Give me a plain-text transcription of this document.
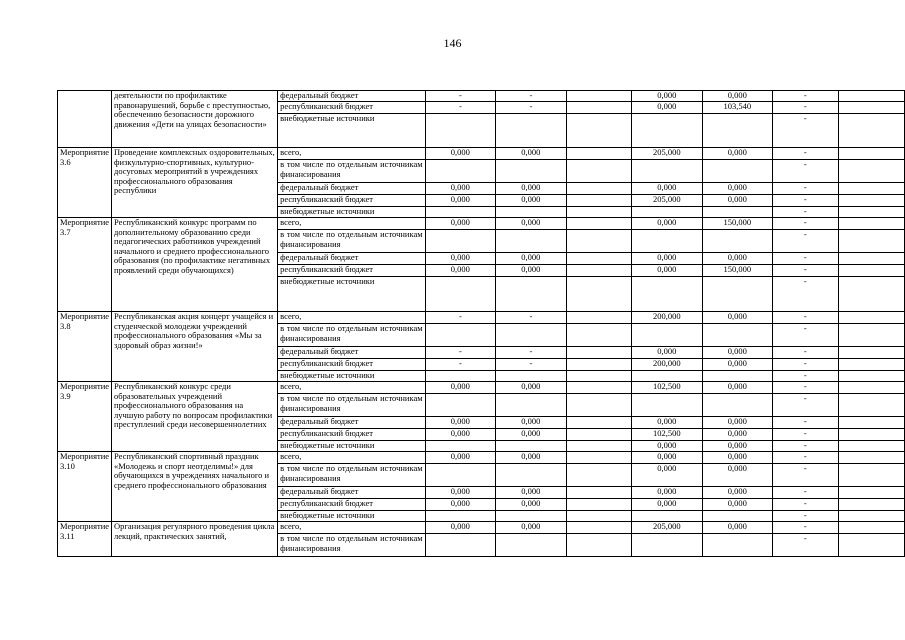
146
	деятельности по профилактике правонарушений, борьбе с преступностью, обеспечению безопасности дорожного движения «Дети на улицах безопасности»	федеральный бюджет	-	-		0,000	0,000	-	
		республиканский бюджет	-	-		0,000	103,540	-	
		внебюджетные источники						-	
Мероприятие 3.6	Проведение комплексных оздоровительных, физкультурно-спортивных, культурно-досуговых мероприятий в учреждениях профессионального образования республики	всего,	0,000	0,000		205,000	0,000	-	
		в том числе по отдельным источникам финансирования						-	
		федеральный бюджет	0,000	0,000		0,000	0,000	-	
		республиканский бюджет	0,000	0,000		205,000	0,000	-	
		внебюджетные источники						-	
Мероприятие 3.7	Республиканский конкурс программ по дополнительному образованию среди педагогических работников учреждений начального и среднего профессионального образования (по профилактике негативных проявлений среди обучающихся)	всего,	0,000	0,000		0,000	150,000	-	
		в том числе по отдельным источникам финансирования						-	
		федеральный бюджет	0,000	0,000		0,000	0,000	-	
		республиканский бюджет	0,000	0,000		0,000	150,000	-	
		внебюджетные источники						-	
Мероприятие 3.8	Республиканская акция концерт учащейся и студенческой молодежи учреждений профессионального образования «Мы за здоровый образ жизни!»	всего,	-	-		200,000	0,000	-	
		в том числе по отдельным источникам финансирования						-	
		федеральный бюджет	-	-		0,000	0,000	-	
		республиканский бюджет	-	-		200,000	0,000	-	
		внебюджетные источники						-	
Мероприятие 3.9	Республиканский конкурс среди образовательных учреждений профессионального образования на лучшую работу по вопросам профилактики преступлений среди несовершеннолетних	всего,	0,000	0,000		102,500	0,000	-	
		в том числе по отдельным источникам финансирования						-	
		федеральный бюджет	0,000	0,000		0,000	0,000	-	
		республиканский бюджет	0,000	0,000		102,500	0,000	-	
		внебюджетные источники				0,000	0,000	-	
Мероприятие 3.10	Республиканский спортивный праздник «Молодежь и спорт неотделимы!» для обучающихся в учреждениях начального и среднего профессионального образования	всего,	0,000	0,000		0,000	0,000	-	
		в том числе по отдельным источникам финансирования				0,000	0,000	-	
		федеральный бюджет	0,000	0,000		0,000	0,000	-	
		республиканский бюджет	0,000	0,000		0,000	0,000	-	
		внебюджетные источники						-	
Мероприятие 3.11	Организация регулярного проведения цикла лекций, практических занятий,	всего,	0,000	0,000		205,000	0,000	-	
		в том числе по отдельным источникам финансирования						-	
